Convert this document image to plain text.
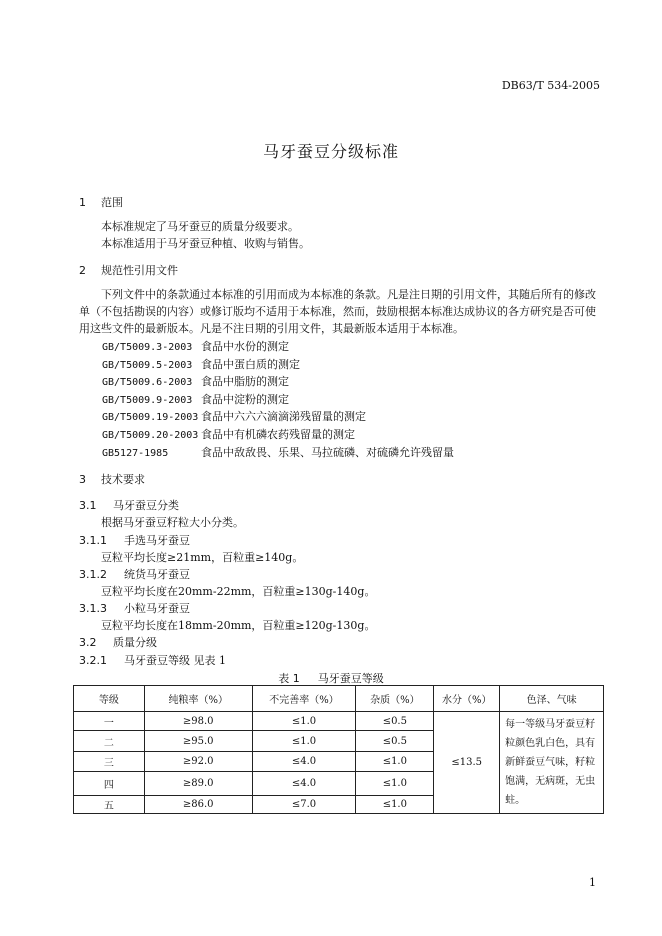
DB63/T 534-2005
马牙蚕豆分级标准
1 范围
本标准规定了马牙蚕豆的质量分级要求。
本标准适用于马牙蚕豆种植、收购与销售。
2 规范性引用文件
下列文件中的条款通过本标准的引用而成为本标准的条款。凡是注日期的引用文件，其随后所有的修改单（不包括勘误的内容）或修订版均不适用于本标准，然而，鼓励根据本标准达成协议的各方研究是否可使用这些文件的最新版本。凡是不注日期的引用文件，其最新版本适用于本标准。
GB/T5009.3-2003 食品中水份的测定
GB/T5009.5-2003 食品中蛋白质的测定
GB/T5009.6-2003 食品中脂肪的测定
GB/T5009.9-2003 食品中淀粉的测定
GB/T5009.19-2003 食品中六六六滴滴涕残留量的测定
GB/T5009.20-2003 食品中有机磷农药残留量的测定
GB5127-1985	食品中敌敌畏、乐果、马拉硫磷、对硫磷允许残留量
3 技术要求
3.1 马牙蚕豆分类
根据马牙蚕豆籽粒大小分类。
3.1.1 手选马牙蚕豆
豆粒平均长度≥21mm，百粒重≥140g。
3.1.2 统货马牙蚕豆
豆粒平均长度在20mm-22mm，百粒重≥130g-140g。
3.1.3 小粒马牙蚕豆
豆粒平均长度在18mm-20mm，百粒重≥120g-130g。
3.2 质量分级
3.2.1 马牙蚕豆等级 见表 1
表 1 马牙蚕豆等级
等级	纯粮率（%）	不完善率（%）	杂质（%）	水分（%）	色泽、气味
一	≥98.0	≤1.0	≤0.5	≤13.5	每一等级马牙蚕豆籽粒颜色乳白色，具有新鲜蚕豆气味，籽粒饱满，无病斑，无虫蛀。
二	≥95.0	≤1.0	≤0.5		
三	≥92.0	≤4.0	≤1.0		
四	≥89.0	≤4.0	≤1.0		
五	≥86.0	≤7.0	≤1.0		
1
